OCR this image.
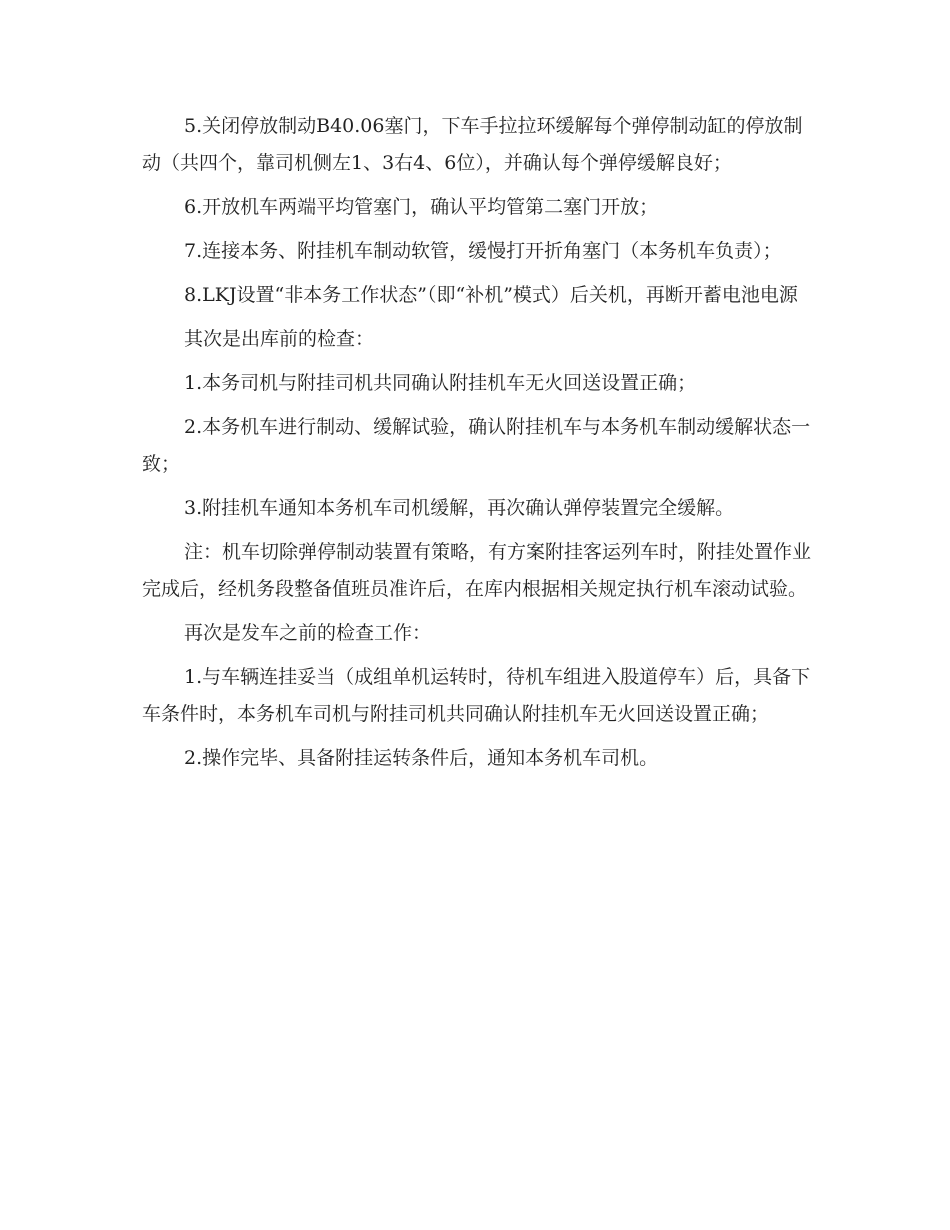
5.关闭停放制动B40.06塞门，下车手拉拉环缓解每个弹停制动缸的停放制动（共四个，靠司机侧左1、3右4、6位），并确认每个弹停缓解良好；

6.开放机车两端平均管塞门，确认平均管第二塞门开放；

7.连接本务、附挂机车制动软管，缓慢打开折角塞门（本务机车负责）；

8.LKJ设置“非本务工作状态”（即“补机”模式）后关机，再断开蓄电池电源

其次是出库前的检查：

1.本务司机与附挂司机共同确认附挂机车无火回送设置正确；

2.本务机车进行制动、缓解试验，确认附挂机车与本务机车制动缓解状态一致；

3.附挂机车通知本务机车司机缓解，再次确认弹停装置完全缓解。

注：机车切除弹停制动装置有策略，有方案附挂客运列车时，附挂处置作业完成后，经机务段整备值班员准许后，在库内根据相关规定执行机车滚动试验。

再次是发车之前的检查工作：

1.与车辆连挂妥当（成组单机运转时，待机车组进入股道停车）后，具备下车条件时，本务机车司机与附挂司机共同确认附挂机车无火回送设置正确；

2.操作完毕、具备附挂运转条件后，通知本务机车司机。
